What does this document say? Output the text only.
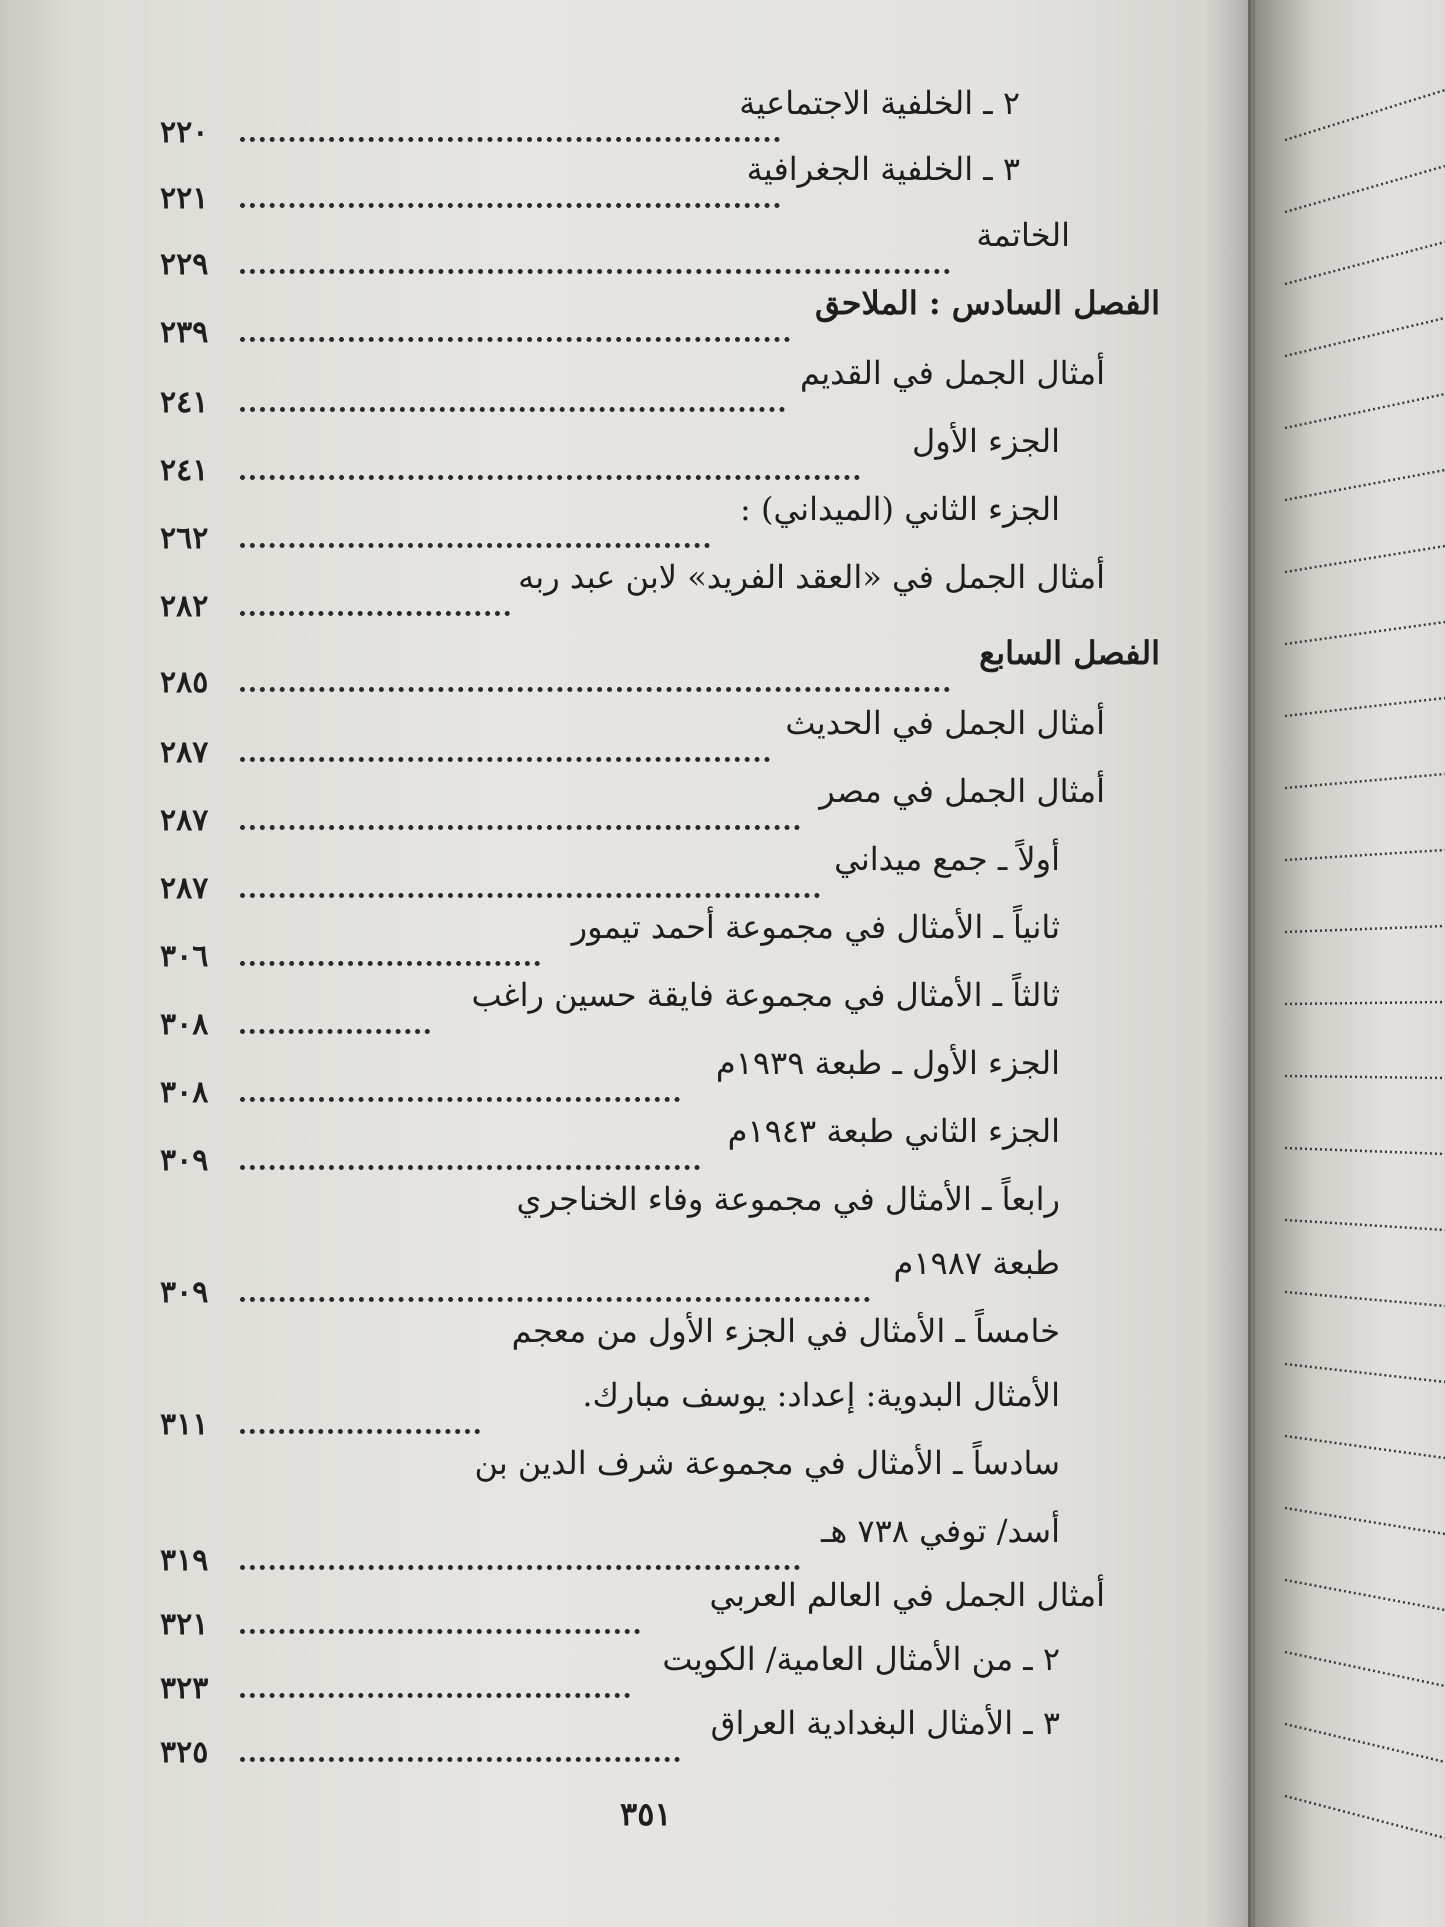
٢ ـ الخلفية الاجتماعية
٢٢٠
٣ ـ الخلفية الجغرافية
٢٢١
الخاتمة
٢٢٩
الفصل السادس : الملاحق
٢٣٩
أمثال الجمل في القديم
٢٤١
الجزء الأول
٢٤١
الجزء الثاني (الميداني) :
٢٦٢
أمثال الجمل في «العقد الفريد» لابن عبد ربه
٢٨٢
الفصل السابع
٢٨٥
أمثال الجمل في الحديث
٢٨٧
أمثال الجمل في مصر
٢٨٧
أولاً ـ جمع ميداني
٢٨٧
ثانياً ـ الأمثال في مجموعة أحمد تيمور
٣٠٦
ثالثاً ـ الأمثال في مجموعة فايقة حسين راغب
٣٠٨
الجزء الأول ـ طبعة ١٩٣٩م
٣٠٨
الجزء الثاني طبعة ١٩٤٣م
٣٠٩
رابعاً ـ الأمثال في مجموعة وفاء الخناجري
طبعة ١٩٨٧م
٣٠٩
خامساً ـ الأمثال في الجزء الأول من معجم
الأمثال البدوية: إعداد: يوسف مبارك.
٣١١
سادساً ـ الأمثال في مجموعة شرف الدين بن
أسد/ توفي ٧٣٨ هـ
٣١٩
أمثال الجمل في العالم العربي
٣٢١
٢ ـ من الأمثال العامية/ الكويت
٣٢٣
٣ ـ الأمثال البغدادية العراق
٣٢٥
٣٥١
